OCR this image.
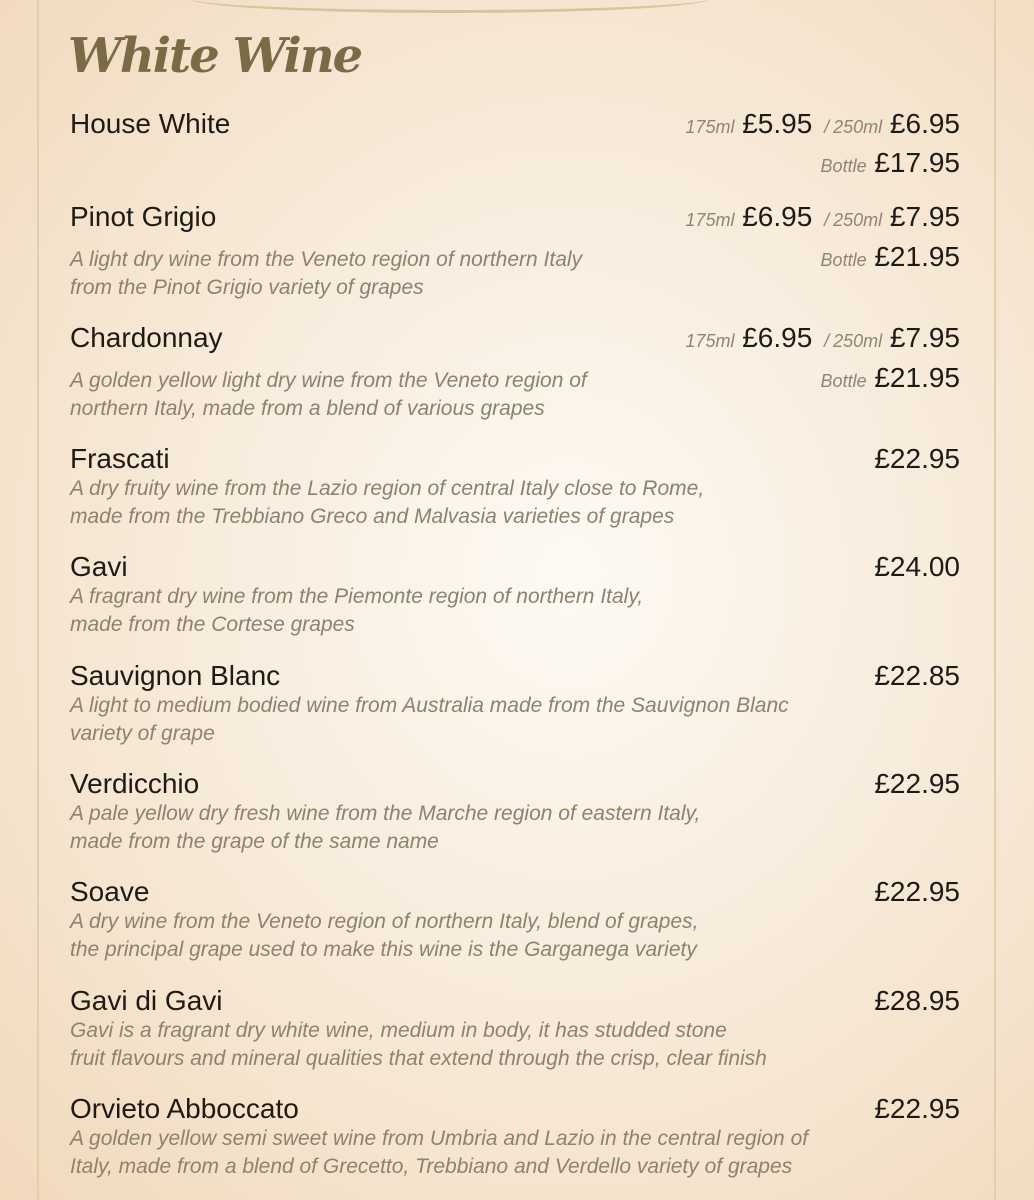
White Wine
House White	175ml £5.95 / 250ml £6.95
Bottle £17.95
Pinot Grigio
A light dry wine from the Veneto region of northern Italy
from the Pinot Grigio variety of grapes
175ml £6.95 / 250ml £7.95
Bottle £21.95
Chardonnay
A golden yellow light dry wine from the Veneto region of
northern Italy, made from a blend of various grapes
175ml £6.95 / 250ml £7.95
Bottle £21.95
Frascati
A dry fruity wine from the Lazio region of central Italy close to Rome,
made from the Trebbiano Greco and Malvasia varieties of grapes
£22.95
Gavi
A fragrant dry wine from the Piemonte region of northern Italy,
made from the Cortese grapes
£24.00
Sauvignon Blanc
A light to medium bodied wine from Australia made from the Sauvignon Blanc
variety of grape
£22.85
Verdicchio
A pale yellow dry fresh wine from the Marche region of eastern Italy,
made from the grape of the same name
£22.95
Soave
A dry wine from the Veneto region of northern Italy, blend of grapes,
the principal grape used to make this wine is the Garganega variety
£22.95
Gavi di Gavi
Gavi is a fragrant dry white wine, medium in body, it has studded stone
fruit flavours and mineral qualities that extend through the crisp, clear finish
£28.95
Orvieto Abboccato
A golden yellow semi sweet wine from Umbria and Lazio in the central region of
Italy, made from a blend of Grecetto, Trebbiano and Verdello variety of grapes
£22.95
